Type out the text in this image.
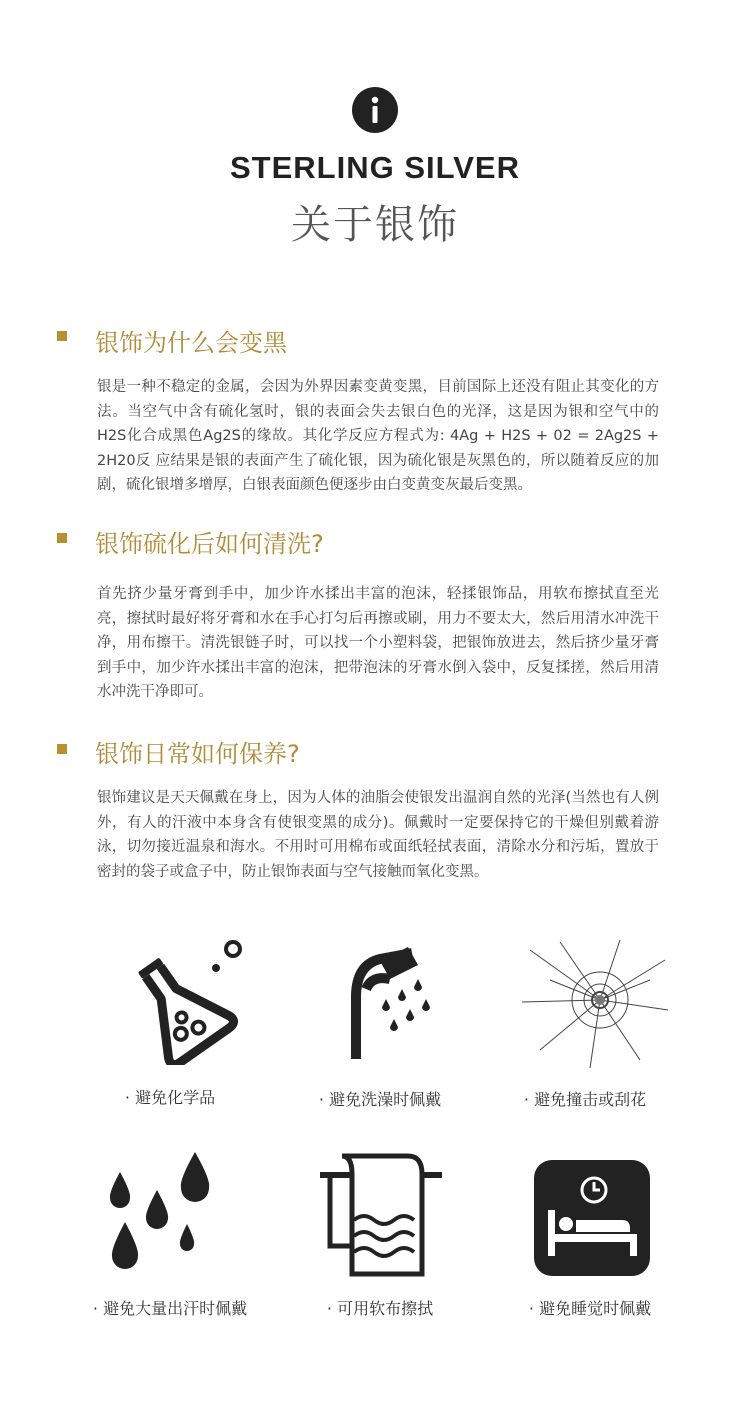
STERLING SILVER
关于银饰
银饰为什么会变黑

银是一种不稳定的金属，会因为外界因素变黄变黑，目前国际上还没有阻止其变化的方法。当空气中含有硫化氢时，银的表面会失去银白色的光泽，这是因为银和空气中的H2S化合成黑色Ag2S的缘故。其化学反应方程式为: 4Ag + H2S + 02 = 2Ag2S + 2H20反 应结果是银的表面产生了硫化银，因为硫化银是灰黑色的，所以随着反应的加剧，硫化银增多增厚，白银表面颜色便逐步由白变黄变灰最后变黑。

银饰硫化后如何清洗?

首先挤少量牙膏到手中，加少许水揉出丰富的泡沫，轻揉银饰品，用软布擦拭直至光亮，擦拭时最好将牙膏和水在手心打匀后再擦或刷，用力不要太大，然后用清水冲洗干净，用布擦干。清洗银链子时，可以找一个小塑料袋，把银饰放进去，然后挤少量牙膏到手中，加少许水揉出丰富的泡沫，把带泡沫的牙膏水倒入袋中，反复揉搓，然后用清水冲洗干净即可。

银饰日常如何保养?

银饰建议是天天佩戴在身上，因为人体的油脂会使银发出温润自然的光泽(当然也有人例外，有人的汗液中本身含有使银变黑的成分)。佩戴时一定要保持它的干燥但别戴着游泳，切勿接近温泉和海水。不用时可用棉布或面纸轻拭表面，清除水分和污垢，置放于密封的袋子或盒子中，防止银饰表面与空气接触而氧化变黑。

· 避免化学品	· 避免洗澡时佩戴	· 避免撞击或刮花
· 避免大量出汗时佩戴	· 可用软布擦拭	· 避免睡觉时佩戴
